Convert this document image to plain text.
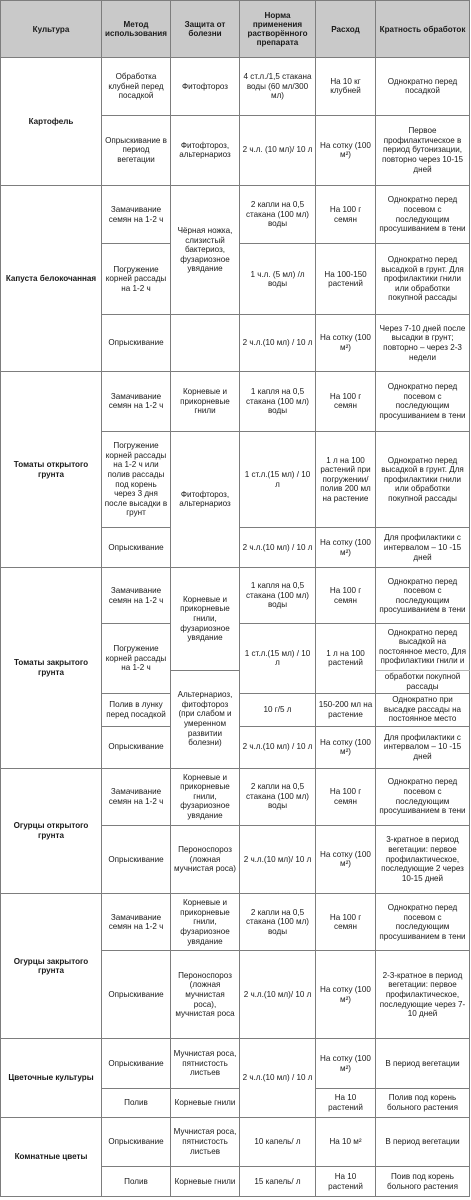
Культура	Метод использования	Защита от болезни	Норма применения растворённого препарата	Расход	Кратность обработок
Картофель	Обработка клубней перед посадкой	Фитофтороз	4 ст.л./1,5 стакана воды (60 мл/300 мл)	На 10 кг клубней	Однократно перед посадкой
	Опрыскивание в период вегетации	Фитофтороз, альтернариоз	2 ч.л. (10 мл)/ 10 л	На сотку (100 м²)	Первое профилактическое в период бутонизации, повторно через 10-15 дней
Капуста белокочанная	Замачивание семян на 1-2 ч	Чёрная ножка, слизистый бактериоз, фузариозное увядание	2 капли на 0,5 стакана (100 мл) воды	На 100 г семян	Однократно перед посевом с последующим просушиванием в тени
	Погружение корней рассады на 1-2 ч		1 ч.л. (5 мл) /л воды	На 100-150 растений	Однократно перед высадкой в грунт. Для профилактики гнили или обработки покупной рассады
	Опрыскивание		2 ч.л.(10 мл) / 10 л	На сотку (100 м²)	Через 7-10 дней после высадки в грунт; повторно – через 2-3 недели
Томаты открытого грунта	Замачивание семян на 1-2 ч	Корневые и прикорневые гнили	1 капля на 0,5 стакана (100 мл) воды	На 100 г семян	Однократно перед посевом с последующим просушиванием в тени
	Погружение корней рассады на 1-2 ч или полив рассады под корень через 3 дня после высадки в грунт	Фитофтороз, альтернариоз	1 ст.л.(15 мл) / 10 л	1 л на 100 растений при погружении/ полив 200 мл на растение	Однократно перед высадкой в грунт. Для профилактики гнили или обработки покупной рассады
	Опрыскивание		2 ч.л.(10 мл) / 10 л	На сотку (100 м²)	Для профилактики с интервалом – 10 -15 дней
Томаты закрытого грунта	Замачивание семян на 1-2 ч	Корневые и прикорневые гнили, фузариозное увядание	1 капля на 0,5 стакана (100 мл) воды	На 100 г семян	Однократно перед посевом с последующим просушиванием в тени
	Погружение корней рассады на 1-2 ч		1 ст.л.(15 мл) / 10 л	1 л на 100 растений	Однократно перед высадкой на постоянное место, Для профилактики гнили и
		Альтернариоз, фитофтороз (при слабом и умеренном развитии болезни)			обработки покупной рассады
	Полив в лунку перед посадкой		10 г/5 л	150-200 мл на растение	Однократно при высадке рассады на постоянное место
	Опрыскивание		2 ч.л.(10 мл) / 10 л	На сотку (100 м²)	Для профилактики с интервалом – 10 -15 дней
Огурцы открытого грунта	Замачивание семян на 1-2 ч	Корневые и прикорневые гнили, фузариозное увядание	2 капли на 0,5 стакана (100 мл) воды	На 100 г семян	Однократно перед посевом с последующим просушиванием в тени
	Опрыскивание	Пероноспороз (ложная мучнистая роса)	2 ч.л.(10 мл)/ 10 л	На сотку (100 м²)	3-кратное в период вегетации: первое профилактическое, последующие 2 через 10-15 дней
Огурцы закрытого грунта	Замачивание семян на 1-2 ч	Корневые и прикорневые гнили, фузариозное увядание	2 капли на 0,5 стакана (100 мл) воды	На 100 г семян	Однократно перед посевом с последующим просушиванием в тени
	Опрыскивание	Пероноспороз (ложная мучнистая роса), мучнистая роса	2 ч.л.(10 мл)/ 10 л	На сотку (100 м²)	2-3-кратное в период вегетации: первое профилактическое, последующие через 7-10 дней
Цветочные культуры	Опрыскивание	Мучнистая роса, пятнистость листьев	2 ч.л.(10 мл) / 10 л	На сотку (100 м²)	В период вегетации
	Полив	Корневые гнили		На 10 растений	Полив под корень больного растения
Комнатные цветы	Опрыскивание	Мучнистая роса, пятнистость листьев	10 капель/ л	На 10 м²	В период вегетации
	Полив	Корневые гнили	15 капель/ л	На 10 растений	Поив под корень больного растения
